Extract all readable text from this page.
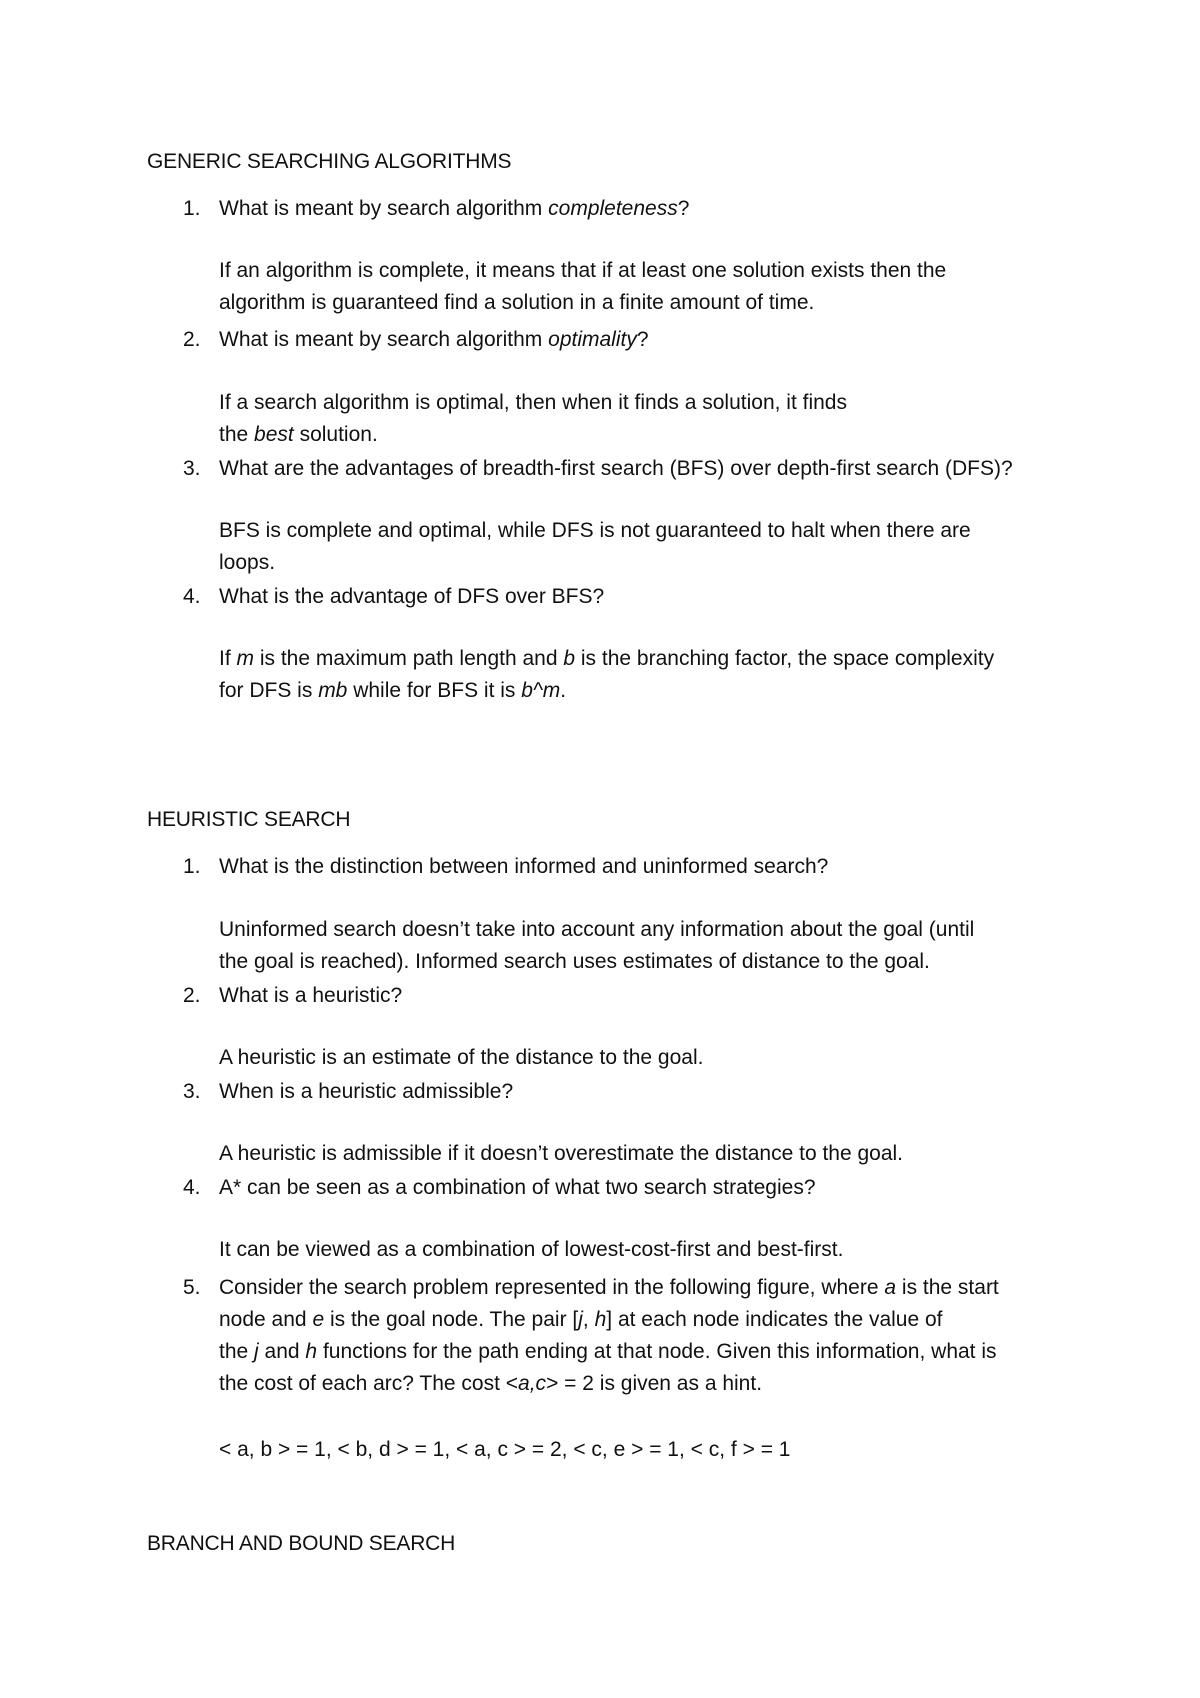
GENERIC SEARCHING ALGORITHMS
1. What is meant by search algorithm completeness?
If an algorithm is complete, it means that if at least one solution exists then the
algorithm is guaranteed find a solution in a finite amount of time.
2. What is meant by search algorithm optimality?
If a search algorithm is optimal, then when it finds a solution, it finds
the best solution.
3. What are the advantages of breadth-first search (BFS) over depth-first search (DFS)?
BFS is complete and optimal, while DFS is not guaranteed to halt when there are
loops.
4. What is the advantage of DFS over BFS?
If m is the maximum path length and b is the branching factor, the space complexity
for DFS is mb while for BFS it is b^m.
HEURISTIC SEARCH
1. What is the distinction between informed and uninformed search?
Uninformed search doesn’t take into account any information about the goal (until
the goal is reached). Informed search uses estimates of distance to the goal.
2. What is a heuristic?
A heuristic is an estimate of the distance to the goal.
3. When is a heuristic admissible?
A heuristic is admissible if it doesn’t overestimate the distance to the goal.
4. A* can be seen as a combination of what two search strategies?
It can be viewed as a combination of lowest-cost-first and best-first.
5. Consider the search problem represented in the following figure, where a is the start
node and e is the goal node. The pair [j, h] at each node indicates the value of
the j and h functions for the path ending at that node. Given this information, what is
the cost of each arc? The cost <a,c> = 2 is given as a hint.
< a, b > = 1, < b, d > = 1, < a, c > = 2, < c, e > = 1, < c, f > = 1
BRANCH AND BOUND SEARCH
